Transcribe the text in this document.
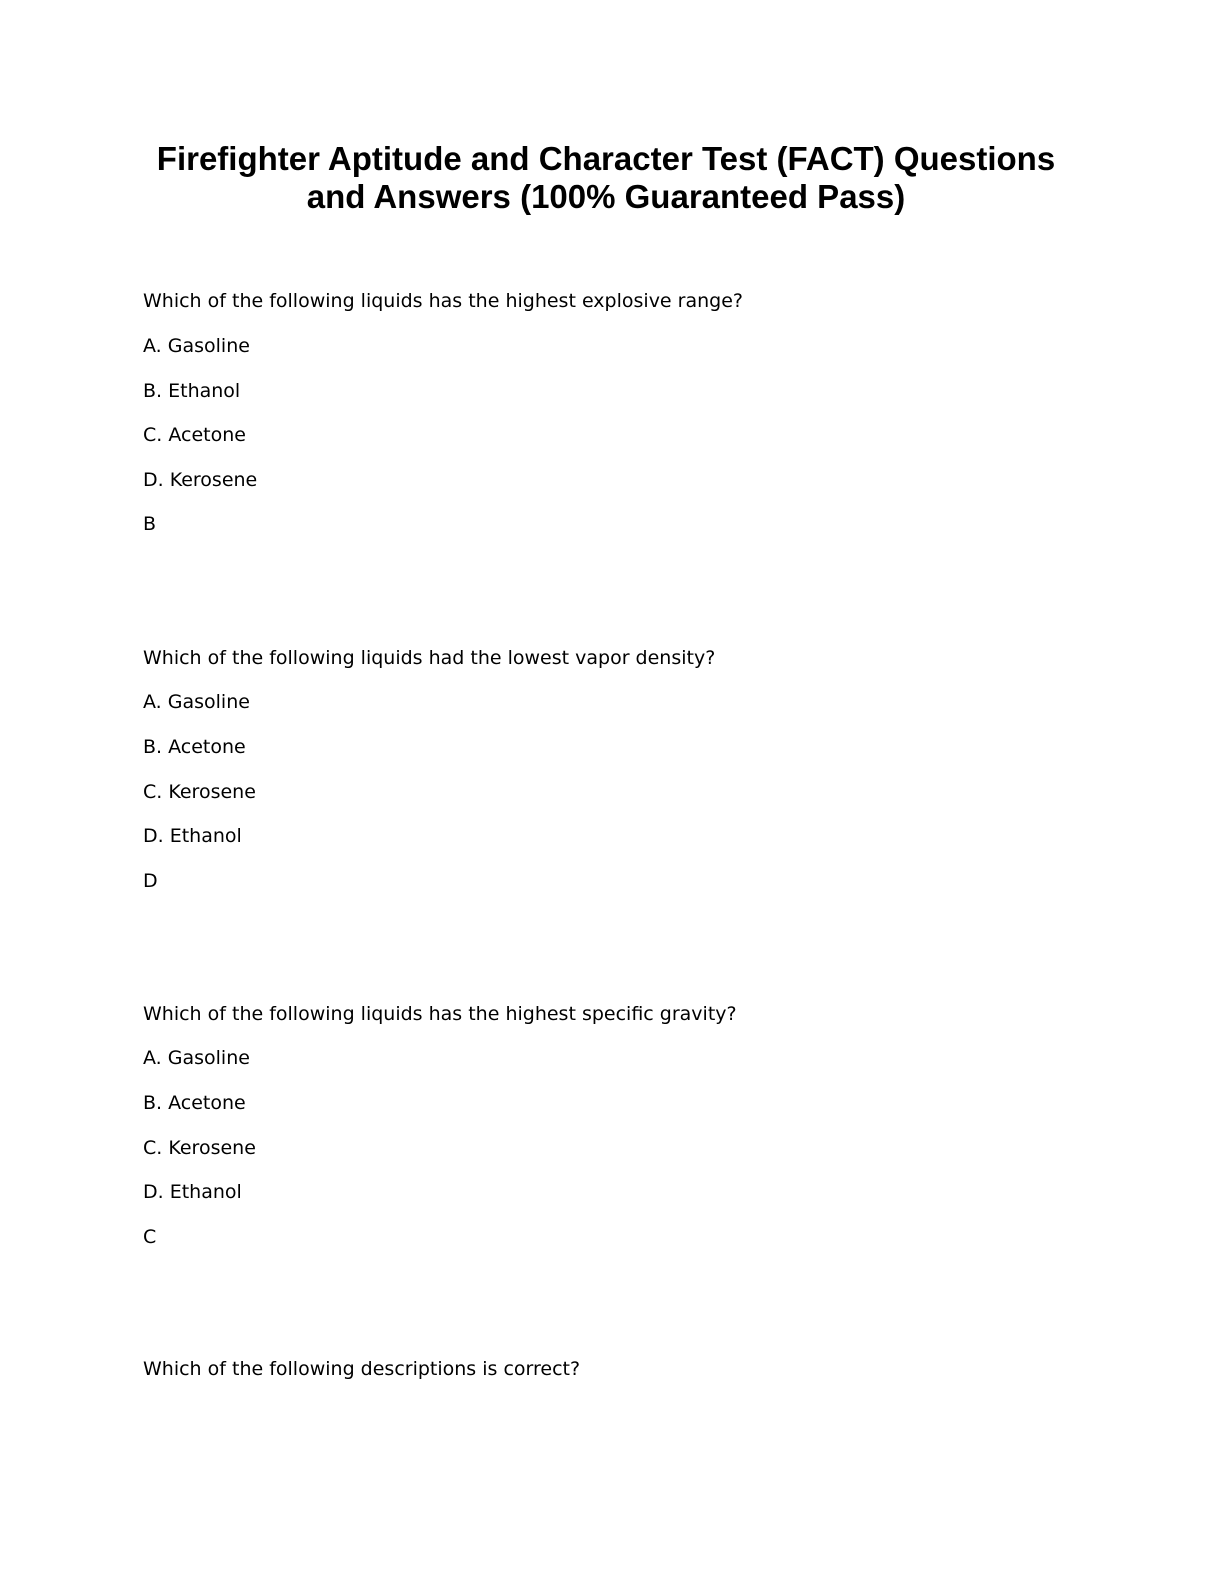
Firefighter Aptitude and Character Test (FACT) Questions
and Answers (100% Guaranteed Pass)

Which of the following liquids has the highest explosive range?

A. Gasoline

B. Ethanol

C. Acetone

D. Kerosene

B

Which of the following liquids had the lowest vapor density?

A. Gasoline

B. Acetone

C. Kerosene

D. Ethanol

D

Which of the following liquids has the highest specific gravity?

A. Gasoline

B. Acetone

C. Kerosene

D. Ethanol

C

Which of the following descriptions is correct?
